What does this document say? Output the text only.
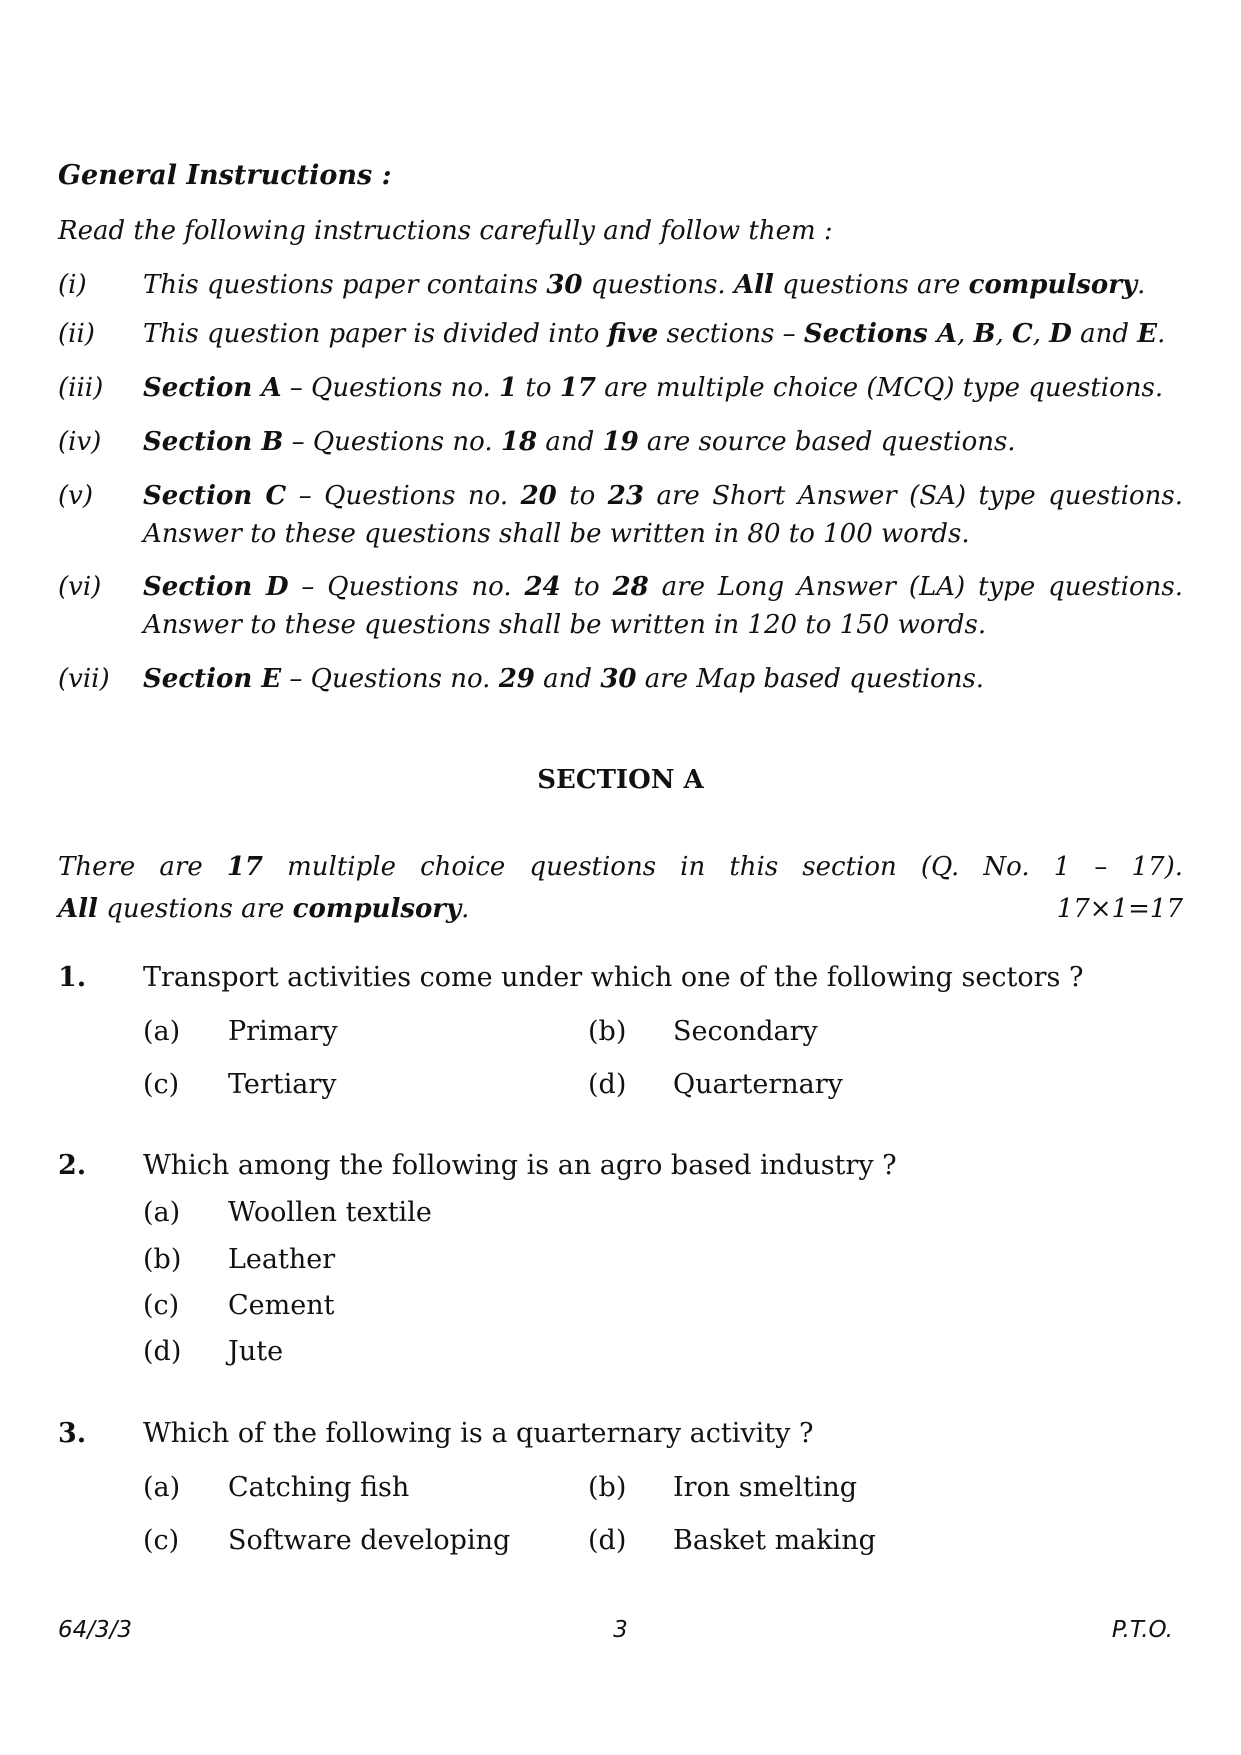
General Instructions :
Read the following instructions carefully and follow them :
(i) This questions paper contains 30 questions. All questions are compulsory.
(ii) This question paper is divided into five sections – Sections A, B, C, D and E.
(iii) Section A – Questions no. 1 to 17 are multiple choice (MCQ) type questions.
(iv) Section B – Questions no. 18 and 19 are source based questions.
(v) Section C – Questions no. 20 to 23 are Short Answer (SA) type questions.
Answer to these questions shall be written in 80 to 100 words.
(vi) Section D – Questions no. 24 to 28 are Long Answer (LA) type questions.
Answer to these questions shall be written in 120 to 150 words.
(vii) Section E – Questions no. 29 and 30 are Map based questions.
SECTION A
There are 17 multiple choice questions in this section (Q. No. 1 – 17).
All questions are compulsory.	17×1=17
1. Transport activities come under which one of the following sectors ?
(a) Primary	(b) Secondary
(c) Tertiary	(d) Quarternary
2. Which among the following is an agro based industry ?
(a) Woollen textile
(b) Leather
(c) Cement
(d) Jute
3. Which of the following is a quarternary activity ?
(a) Catching fish	(b) Iron smelting
(c) Software developing	(d) Basket making
64/3/3	3	P.T.O.
